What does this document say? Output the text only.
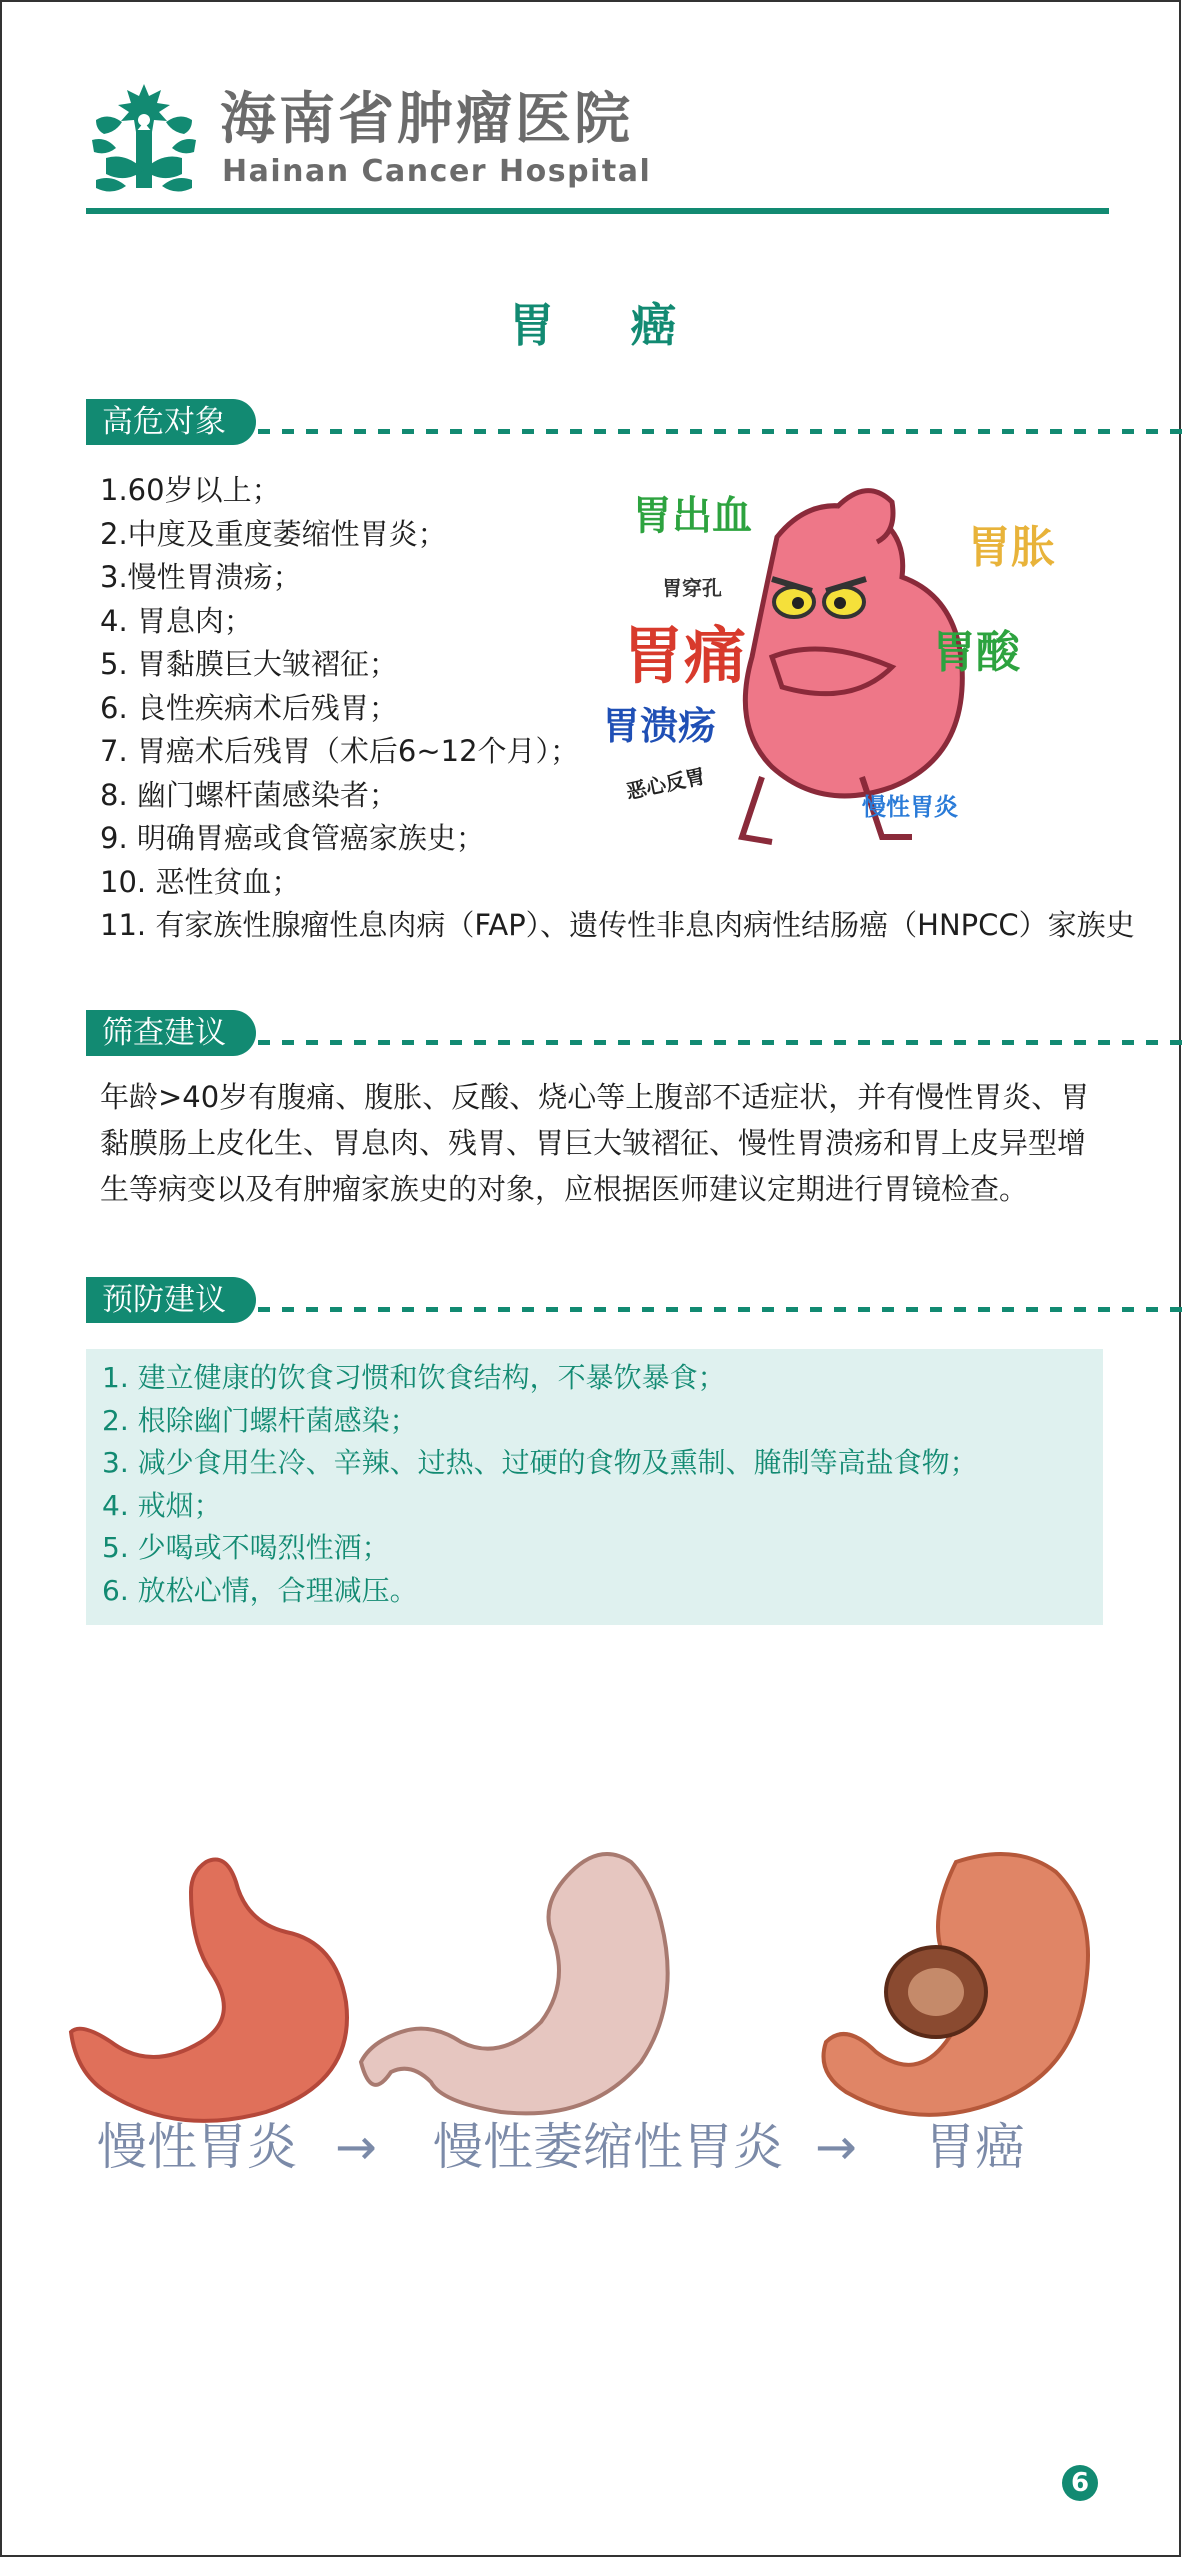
海南省肿瘤医院
Hainan Cancer Hospital
胃 癌
高危对象
1.60岁以上；
2.中度及重度萎缩性胃炎；
3.慢性胃溃疡；
4. 胃息肉；
5. 胃黏膜巨大皱褶征；
6. 良性疾病术后残胃；
7. 胃癌术后残胃（术后6~12个月）；
8. 幽门螺杆菌感染者；
9. 明确胃癌或食管癌家族史；
10. 恶性贫血；
11. 有家族性腺瘤性息肉病（FAP）、遗传性非息肉病性结肠癌（HNPCC）家族史
胃出血
胃穿孔
胃痛
胃溃疡
恶心反胃
胃胀
胃酸
慢性胃炎
筛查建议

年龄>40岁有腹痛、腹胀、反酸、烧心等上腹部不适症状，并有慢性胃炎、胃黏膜肠上皮化生、胃息肉、残胃、胃巨大皱褶征、慢性胃溃疡和胃上皮异型增生等病变以及有肿瘤家族史的对象，应根据医师建议定期进行胃镜检查。

预防建议
1. 建立健康的饮食习惯和饮食结构，不暴饮暴食；
2. 根除幽门螺杆菌感染；
3. 减少食用生冷、辛辣、过热、过硬的食物及熏制、腌制等高盐食物；
4. 戒烟；
5. 少喝或不喝烈性酒；
6. 放松心情，合理减压。
慢性胃炎 → 慢性萎缩性胃炎 → 胃癌
6
